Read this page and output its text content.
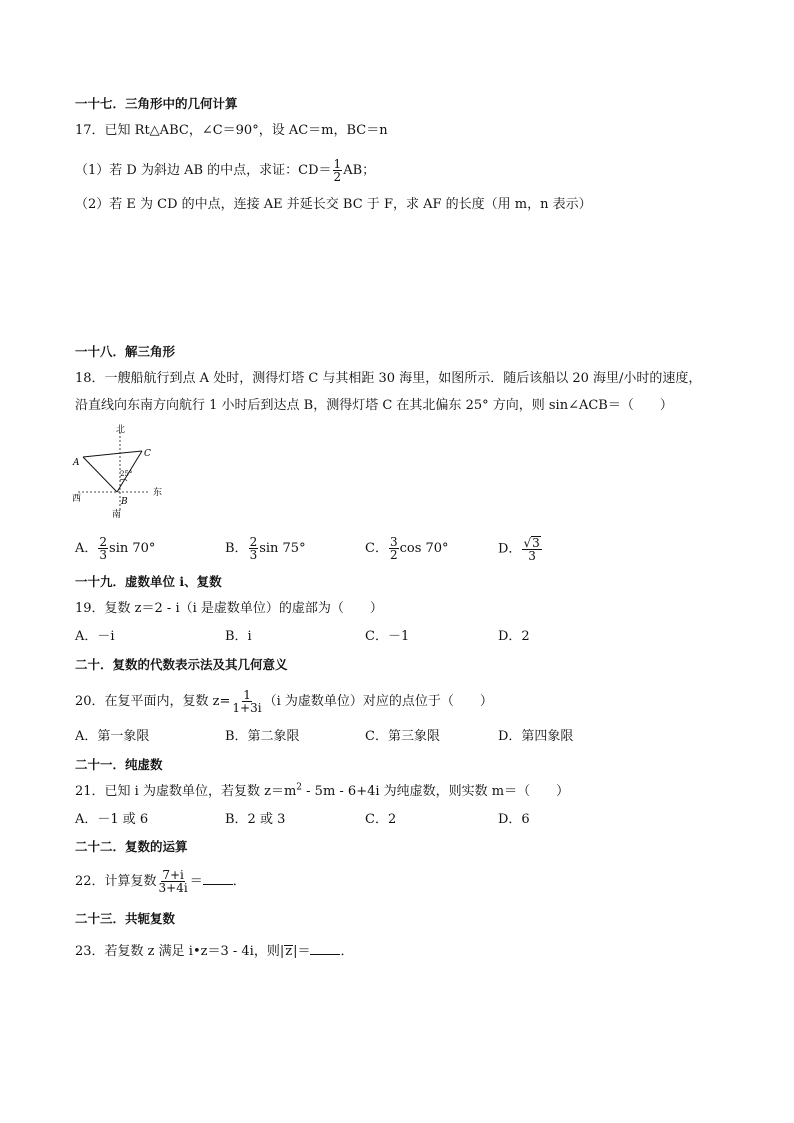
一十七．三角形中的几何计算
17．已知 Rt△ABC，∠C＝90°，设 AC＝m，BC＝n
（1）若 D 为斜边 AB 的中点，求证：$CD= \frac{1}{2}$ AB；
（2）若 E 为 CD 的中点，连接 AE 并延长交 BC 于 F，求 AF 的长度（用 m，n 表示）
一十八．解三角形
18．一艘船航行到点 A 处时，测得灯塔 C 与其相距 30 海里，如图所示．随后该船以 20 海里/小时的速度，
沿直线向东南方向航行 1 小时后到达点 B，测得灯塔 C 在其北偏东 25° 方向，则 sin∠ACB＝（　　）
北
南
西
东
A
B
C
25°
A． $\frac{2}{3}$ sin 70°	B． $\frac{2}{3}$ sin 75°	C． $\frac{3}{2}$ cos 70°	D． $\frac{√3}{3}$
一十九．虚数单位 i、复数
19．复数 z＝2 - i（i 是虚数单位）的虚部为（　　）
A．－i	B．i	C．－1	D．2
二十．复数的代数表示法及其几何意义
20．在复平面内，复数 $z= \frac{1}{1+3i} (i$ 为虚数单位）对应的点位于（　　）
A．第一象限	B．第二象限	C．第三象限	D．第四象限
二十一．纯虚数
21．已知 i 为虚数单位，若复数 $z=m^2 - 5m - 6+4i$ 为纯虚数，则实数 m＝（　　）
A．－1 或 6	B．2 或 3	C．2	D．6
二十二．复数的运算
22．计算复数 $\frac{7+i}{3+4i}$ ＝ ．
二十三．共轭复数
23．若复数 z 满足 i•z＝3 - 4i，则|z|＝ ．
